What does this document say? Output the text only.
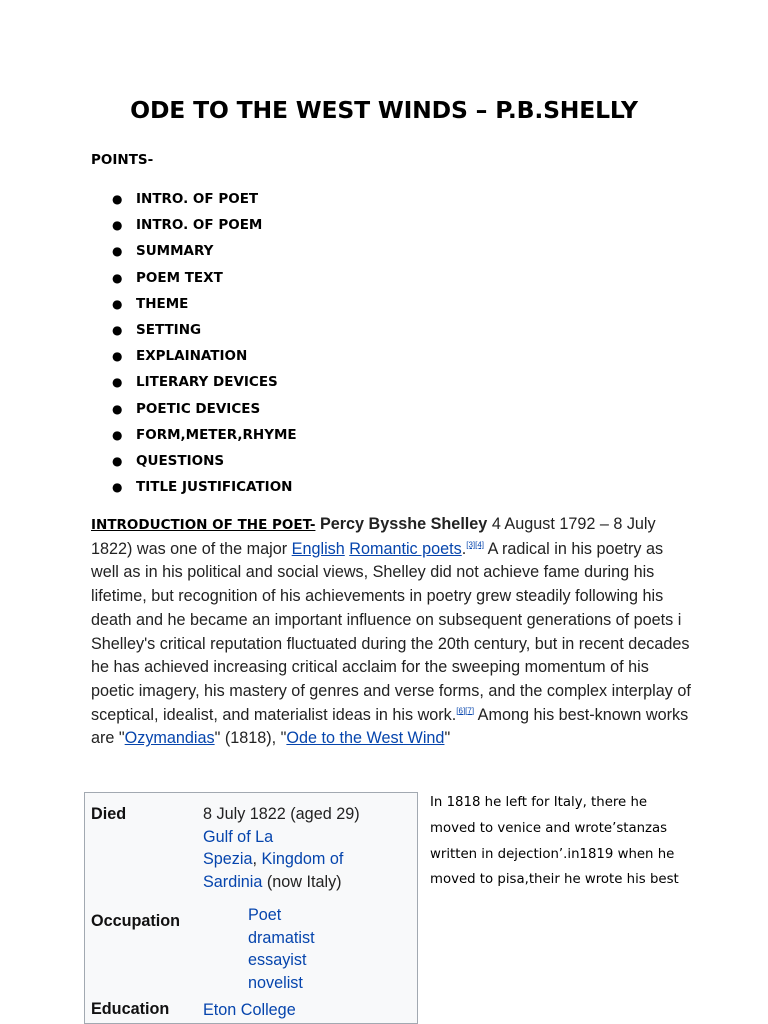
ODE TO THE WEST WINDS – P.B.SHELLY
POINTS-
● INTRO. OF POET
● INTRO. OF POEM
● SUMMARY
● POEM TEXT
● THEME
● SETTING
● EXPLAINATION
● LITERARY DEVICES
● POETIC DEVICES
● FORM,METER,RHYME
● QUESTIONS
● TITLE JUSTIFICATION
INTRODUCTION OF THE POET- Percy Bysshe Shelley 4 August 1792 – 8 July 1822) was one of the major English Romantic poets.[3][4] A radical in his poetry as well as in his political and social views, Shelley did not achieve fame during his lifetime, but recognition of his achievements in poetry grew steadily following his death and he became an important influence on subsequent generations of poets i Shelley's critical reputation fluctuated during the 20th century, but in recent decades he has achieved increasing critical acclaim for the sweeping momentum of his poetic imagery, his mastery of genres and verse forms, and the complex interplay of sceptical, idealist, and materialist ideas in his work.[6][7] Among his best-known works are "Ozymandias" (1818), "Ode to the West Wind"
Died	8 July 1822 (aged 29)
Gulf of La
Spezia, Kingdom of
Sardinia (now Italy)
Occupation	Poet
dramatist
essayist
novelist
Education Eton College
In 1818 he left for Italy, there he moved to venice and wrote’stanzas written in dejection’.in1819 when he moved to pisa,their he wrote his best
